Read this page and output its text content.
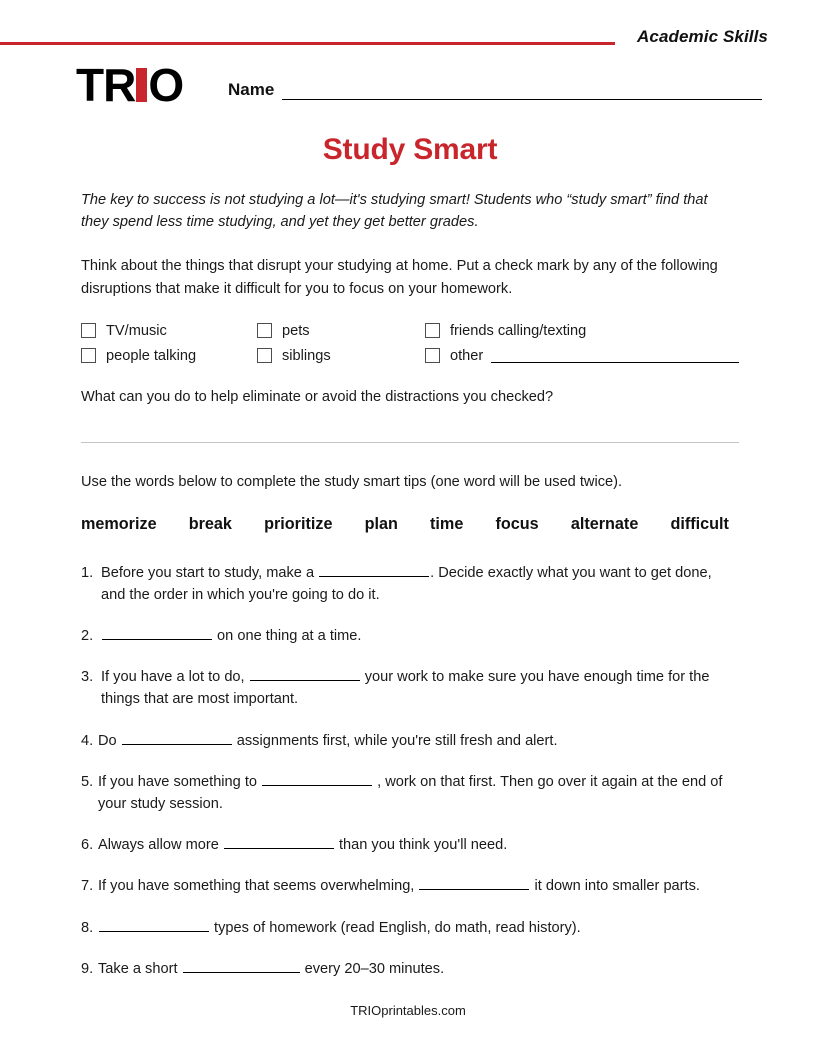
Academic Skills
TR O	Name
Study Smart

The key to success is not studying a lot—it's studying smart! Students who “study smart” find that they spend less time studying, and yet they get better grades.

Think about the things that disrupt your studying at home. Put a check mark by any of the following disruptions that make it difficult for you to focus on your homework.

TV/music	pets	friends calling/texting
people talking	siblings	other

What can you do to help eliminate or avoid the distractions you checked?

Use the words below to complete the study smart tips (one word will be used twice).

memorize break prioritize plan time focus alternate difficult
1. Before you start to study, make a	. Decide exactly what you want to get done, and the order in which you're going to do it.
2.	on one thing at a time.
3. If you have a lot to do,	your work to make sure you have enough time for the things that are most important.
4. Do	assignments first, while you're still fresh and alert.
5. If you have something to	, work on that first. Then go over it again at the end of your study session.
6. Always allow more	than you think you'll need.
7. If you have something that seems overwhelming,	it down into smaller parts.
8.	types of homework (read English, do math, read history).
9. Take a short	every 20–30 minutes.
TRIOprintables.com
